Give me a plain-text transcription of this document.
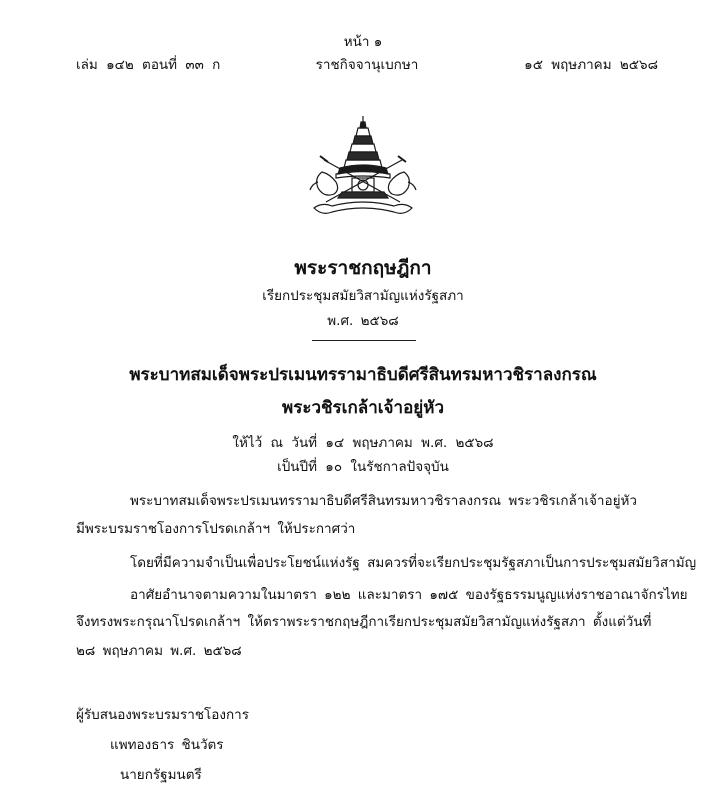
หน้า ๑
เล่ม ๑๔๒ ตอนที่ ๓๓ ก	ราชกิจจานุเบกษา	๑๕ พฤษภาคม ๒๕๖๘
พระราชกฤษฎีกา
เรียกประชุมสมัยวิสามัญแห่งรัฐสภา
พ.ศ. ๒๕๖๘
พระบาทสมเด็จพระปรเมนทรรามาธิบดีศรีสินทรมหาวชิราลงกรณ
พระวชิรเกล้าเจ้าอยู่หัว
ให้ไว้ ณ วันที่ ๑๔ พฤษภาคม พ.ศ. ๒๕๖๘
เป็นปีที่ ๑๐ ในรัชกาลปัจจุบัน
พระบาทสมเด็จพระปรเมนทรรามาธิบดีศรีสินทรมหาวชิราลงกรณ พระวชิรเกล้าเจ้าอยู่หัว
มีพระบรมราชโองการโปรดเกล้าฯ ให้ประกาศว่า
โดยที่มีความจำเป็นเพื่อประโยชน์แห่งรัฐ สมควรที่จะเรียกประชุมรัฐสภาเป็นการประชุมสมัยวิสามัญ
อาศัยอำนาจตามความในมาตรา ๑๒๒ และมาตรา ๑๗๕ ของรัฐธรรมนูญแห่งราชอาณาจักรไทย
จึงทรงพระกรุณาโปรดเกล้าฯ ให้ตราพระราชกฤษฎีกาเรียกประชุมสมัยวิสามัญแห่งรัฐสภา ตั้งแต่วันที่
๒๘ พฤษภาคม พ.ศ. ๒๕๖๘
ผู้รับสนองพระบรมราชโองการ
แพทองธาร ชินวัตร
นายกรัฐมนตรี
